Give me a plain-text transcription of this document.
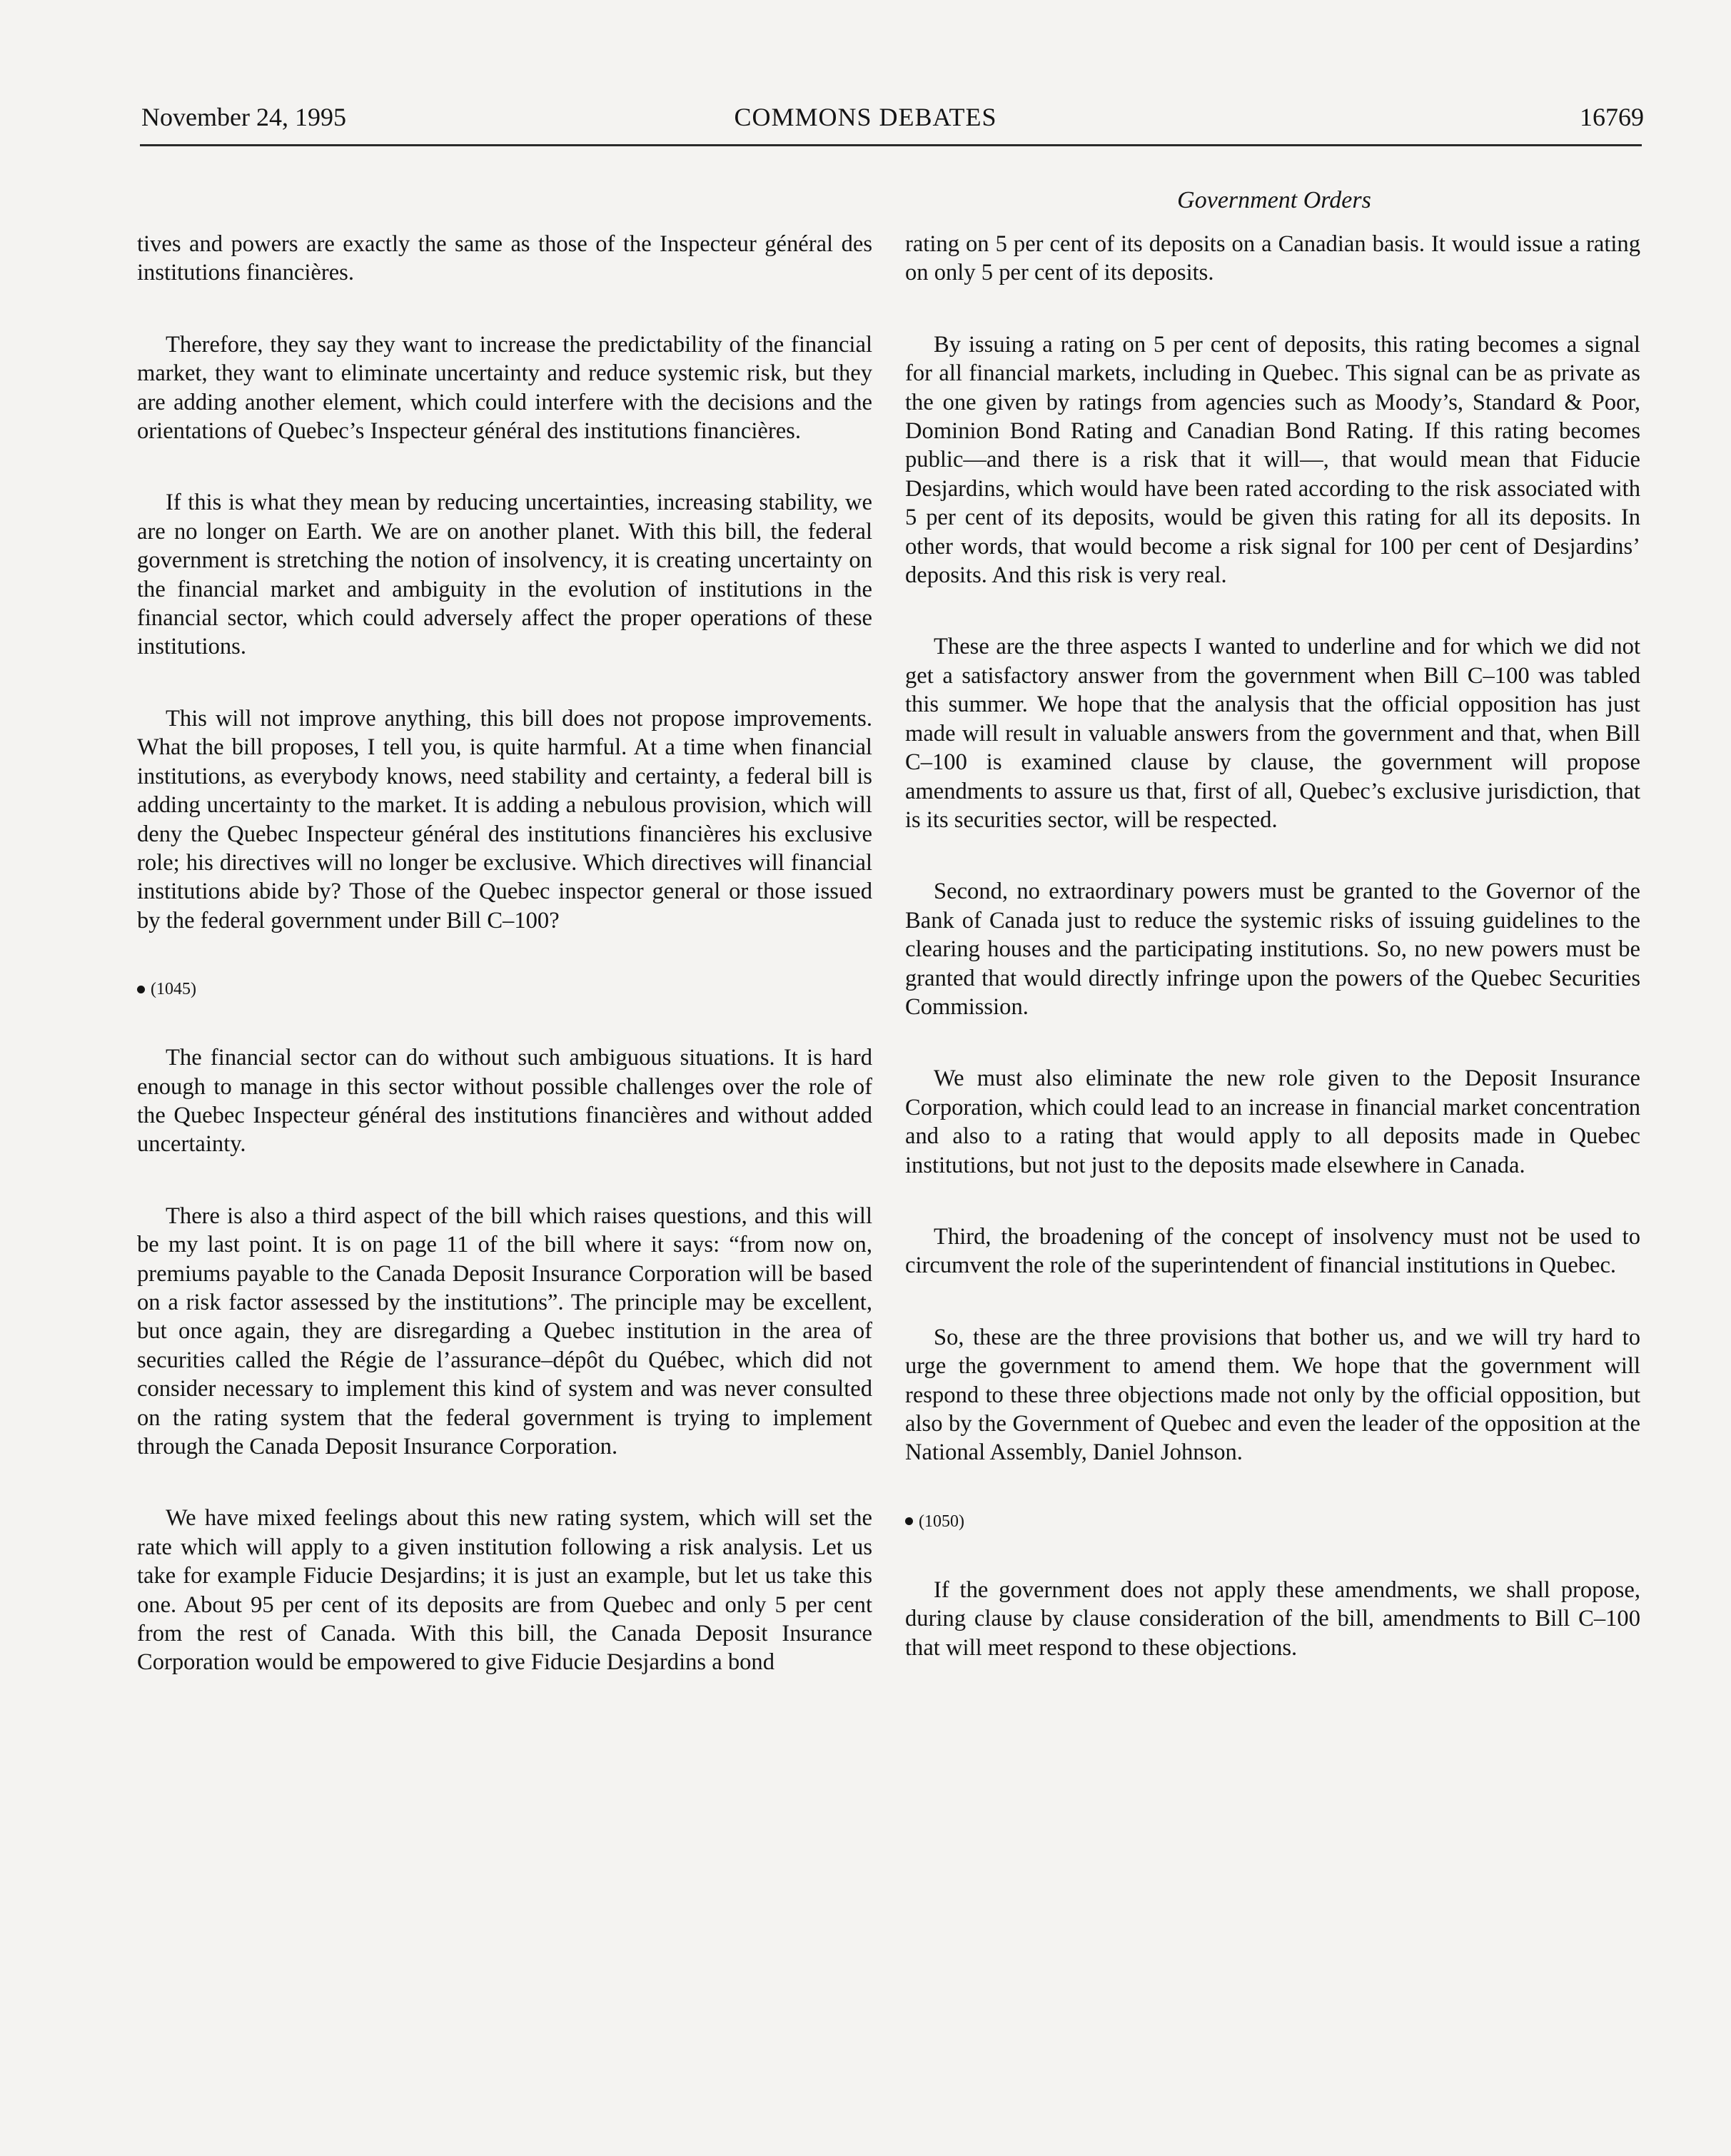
November 24, 1995	COMMONS DEBATES	16769
Government Orders

tives and powers are exactly the same as those of the Inspecteur général des institutions financières.

Therefore, they say they want to increase the predictability of the financial market, they want to eliminate uncertainty and reduce systemic risk, but they are adding another element, which could interfere with the decisions and the orientations of Quebec’s Inspecteur général des institutions financières.

If this is what they mean by reducing uncertainties, increasing stability, we are no longer on Earth. We are on another planet. With this bill, the federal government is stretching the notion of insolvency, it is creating uncertainty on the financial market and ambiguity in the evolution of institutions in the financial sector, which could adversely affect the proper operations of these institutions.

This will not improve anything, this bill does not propose improvements. What the bill proposes, I tell you, is quite harmful. At a time when financial institutions, as everybody knows, need stability and certainty, a federal bill is adding uncertainty to the market. It is adding a nebulous provision, which will deny the Quebec Inspecteur général des institutions financières his exclusive role; his directives will no longer be exclusive. Which directives will financial institutions abide by? Those of the Quebec inspector general or those issued by the federal government under Bill C–100?

(1045)

The financial sector can do without such ambiguous situations. It is hard enough to manage in this sector without possible challenges over the role of the Quebec Inspecteur général des institutions financières and without added uncertainty.

There is also a third aspect of the bill which raises questions, and this will be my last point. It is on page 11 of the bill where it says: “from now on, premiums payable to the Canada Deposit Insurance Corporation will be based on a risk factor assessed by the institutions”. The principle may be excellent, but once again, they are disregarding a Quebec institution in the area of securities called the Régie de l’assurance–dépôt du Québec, which did not consider necessary to implement this kind of system and was never consulted on the rating system that the federal government is trying to implement through the Canada Deposit Insurance Corporation.

We have mixed feelings about this new rating system, which will set the rate which will apply to a given institution following a risk analysis. Let us take for example Fiducie Desjardins; it is just an example, but let us take this one. About 95 per cent of its deposits are from Quebec and only 5 per cent from the rest of Canada. With this bill, the Canada Deposit Insurance Corporation would be empowered to give Fiducie Desjardins a bond

rating on 5 per cent of its deposits on a Canadian basis. It would issue a rating on only 5 per cent of its deposits.

By issuing a rating on 5 per cent of deposits, this rating becomes a signal for all financial markets, including in Quebec. This signal can be as private as the one given by ratings from agencies such as Moody’s, Standard & Poor, Dominion Bond Rating and Canadian Bond Rating. If this rating becomes public—and there is a risk that it will—, that would mean that Fiducie Desjardins, which would have been rated according to the risk associated with 5 per cent of its deposits, would be given this rating for all its deposits. In other words, that would become a risk signal for 100 per cent of Desjardins’ deposits. And this risk is very real.

These are the three aspects I wanted to underline and for which we did not get a satisfactory answer from the government when Bill C–100 was tabled this summer. We hope that the analysis that the official opposition has just made will result in valuable answers from the government and that, when Bill C–100 is examined clause by clause, the government will propose amendments to assure us that, first of all, Quebec’s exclusive jurisdiction, that is its securities sector, will be respected.

Second, no extraordinary powers must be granted to the Governor of the Bank of Canada just to reduce the systemic risks of issuing guidelines to the clearing houses and the participating institutions. So, no new powers must be granted that would directly infringe upon the powers of the Quebec Securities Commission.

We must also eliminate the new role given to the Deposit Insurance Corporation, which could lead to an increase in financial market concentration and also to a rating that would apply to all deposits made in Quebec institutions, but not just to the deposits made elsewhere in Canada.

Third, the broadening of the concept of insolvency must not be used to circumvent the role of the superintendent of financial institutions in Quebec.

So, these are the three provisions that bother us, and we will try hard to urge the government to amend them. We hope that the government will respond to these three objections made not only by the official opposition, but also by the Government of Quebec and even the leader of the opposition at the National Assembly, Daniel Johnson.

(1050)

If the government does not apply these amendments, we shall propose, during clause by clause consideration of the bill, amendments to Bill C–100 that will meet respond to these objections.
